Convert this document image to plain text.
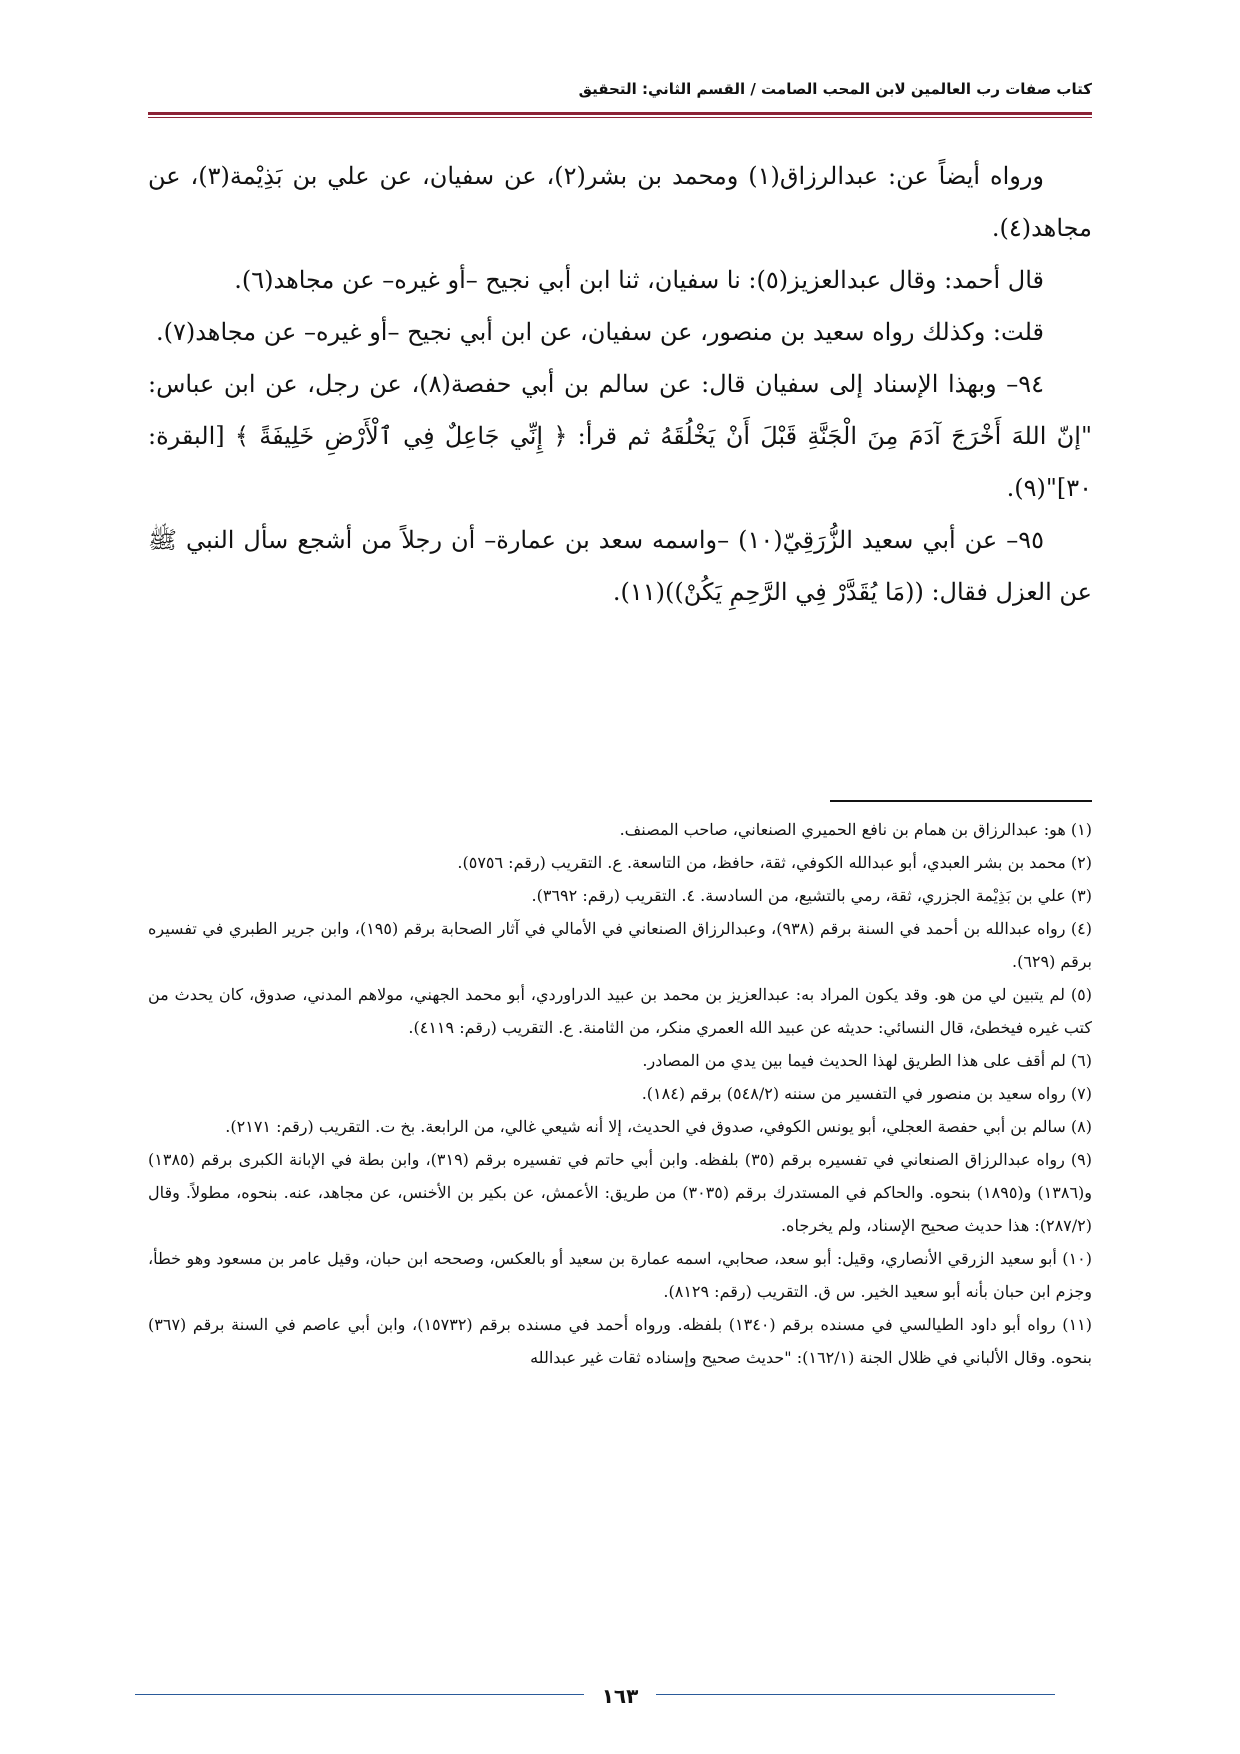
كتاب صفات رب العالمين لابن المحب الصامت / القسم الثاني: التحقيق

ورواه أيضاً عن: عبدالرزاق(١) ومحمد بن بشر(٢)، عن سفيان، عن علي بن بَذِيْمة(٣)، عن مجاهد(٤).

قال أحمد: وقال عبدالعزيز(٥): نا سفيان، ثنا ابن أبي نجيح –أو غيره– عن مجاهد(٦).

قلت: وكذلك رواه سعيد بن منصور، عن سفيان، عن ابن أبي نجيح –أو غيره– عن مجاهد(٧).

٩٤– وبهذا الإسناد إلى سفيان قال: عن سالم بن أبي حفصة(٨)، عن رجل، عن ابن عباس: "إنّ اللهَ أَخْرَجَ آدَمَ مِنَ الْجَنَّةِ قَبْلَ أَنْ يَخْلُقَهُ ثم قرأ: ﴿ إِنِّي جَاعِلٌ فِي ٱلْأَرْضِ خَلِيفَةً ﴾ [البقرة: ٣٠]"(٩).

٩٥– عن أبي سعيد الزُّرَقِيّ(١٠) –واسمه سعد بن عمارة– أن رجلاً من أشجع سأل النبي ﷺ عن العزل فقال: ((مَا يُقَدَّرْ فِي الرَّحِمِ يَكُنْ))(١١).

(١) هو: عبدالرزاق بن همام بن نافع الحميري الصنعاني، صاحب المصنف.

(٢) محمد بن بشر العبدي، أبو عبدالله الكوفي، ثقة، حافظ، من التاسعة. ع. التقريب (رقم: ٥٧٥٦).

(٣) علي بن بَذِيْمة الجزري، ثقة، رمي بالتشيع، من السادسة. ٤. التقريب (رقم: ٣٦٩٢).

(٤) رواه عبدالله بن أحمد في السنة برقم (٩٣٨)، وعبدالرزاق الصنعاني في الأمالي في آثار الصحابة برقم (١٩٥)، وابن جرير الطبري في تفسيره برقم (٦٢٩).

(٥) لم يتبين لي من هو. وقد يكون المراد به: عبدالعزيز بن محمد بن عبيد الدراوردي، أبو محمد الجهني، مولاهم المدني، صدوق، كان يحدث من كتب غيره فيخطئ، قال النسائي: حديثه عن عبيد الله العمري منكر، من الثامنة. ع. التقريب (رقم: ٤١١٩).

(٦) لم أقف على هذا الطريق لهذا الحديث فيما بين يدي من المصادر.

(٧) رواه سعيد بن منصور في التفسير من سننه (٥٤٨/٢) برقم (١٨٤).

(٨) سالم بن أبي حفصة العجلي، أبو يونس الكوفي، صدوق في الحديث، إلا أنه شيعي غالي، من الرابعة. بخ ت. التقريب (رقم: ٢١٧١).

(٩) رواه عبدالرزاق الصنعاني في تفسيره برقم (٣٥) بلفظه. وابن أبي حاتم في تفسيره برقم (٣١٩)، وابن بطة في الإبانة الكبرى برقم (١٣٨٥) و(١٣٨٦) و(١٨٩٥) بنحوه. والحاكم في المستدرك برقم (٣٠٣٥) من طريق: الأعمش، عن بكير بن الأخنس، عن مجاهد، عنه. بنحوه، مطولاً. وقال (٢٨٧/٢): هذا حديث صحيح الإسناد، ولم يخرجاه.

(١٠) أبو سعيد الزرقي الأنصاري، وقيل: أبو سعد، صحابي، اسمه عمارة بن سعيد أو بالعكس، وصححه ابن حبان، وقيل عامر بن مسعود وهو خطأ، وجزم ابن حبان بأنه أبو سعيد الخير. س ق. التقريب (رقم: ٨١٢٩).

(١١) رواه أبو داود الطيالسي في مسنده برقم (١٣٤٠) بلفظه. ورواه أحمد في مسنده برقم (١٥٧٣٢)، وابن أبي عاصم في السنة برقم (٣٦٧) بنحوه. وقال الألباني في ظلال الجنة (١٦٢/١): "حديث صحيح وإسناده ثقات غير عبدالله

١٦٣
